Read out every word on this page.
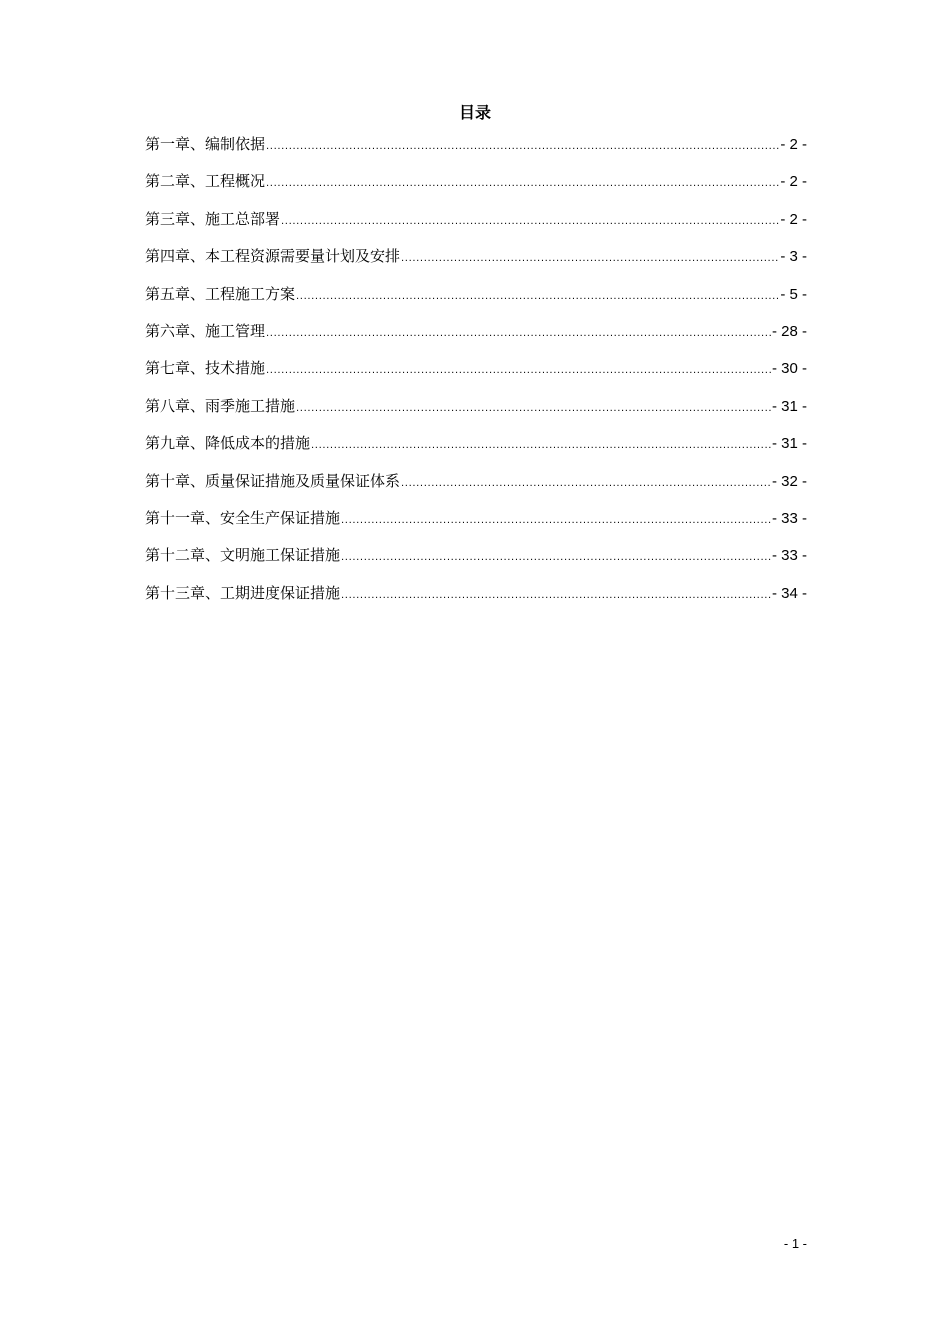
目录
第一章、编制依据 .....	- 2 -
第二章、工程概况 .....	- 2 -
第三章、施工总部署 .....	- 2 -
第四章、本工程资源需要量计划及安排 .....	- 3 -
第五章、工程施工方案 .....	- 5 -
第六章、施工管理 .....	- 28 -
第七章、技术措施 .....	- 30 -
第八章、雨季施工措施 .....	- 31 -
第九章、降低成本的措施 .....	- 31 -
第十章、质量保证措施及质量保证体系 .....	- 32 -
第十一章、安全生产保证措施 .....	- 33 -
第十二章、文明施工保证措施 .....	- 33 -
第十三章、工期进度保证措施 .....	- 34 -
- 1 -
